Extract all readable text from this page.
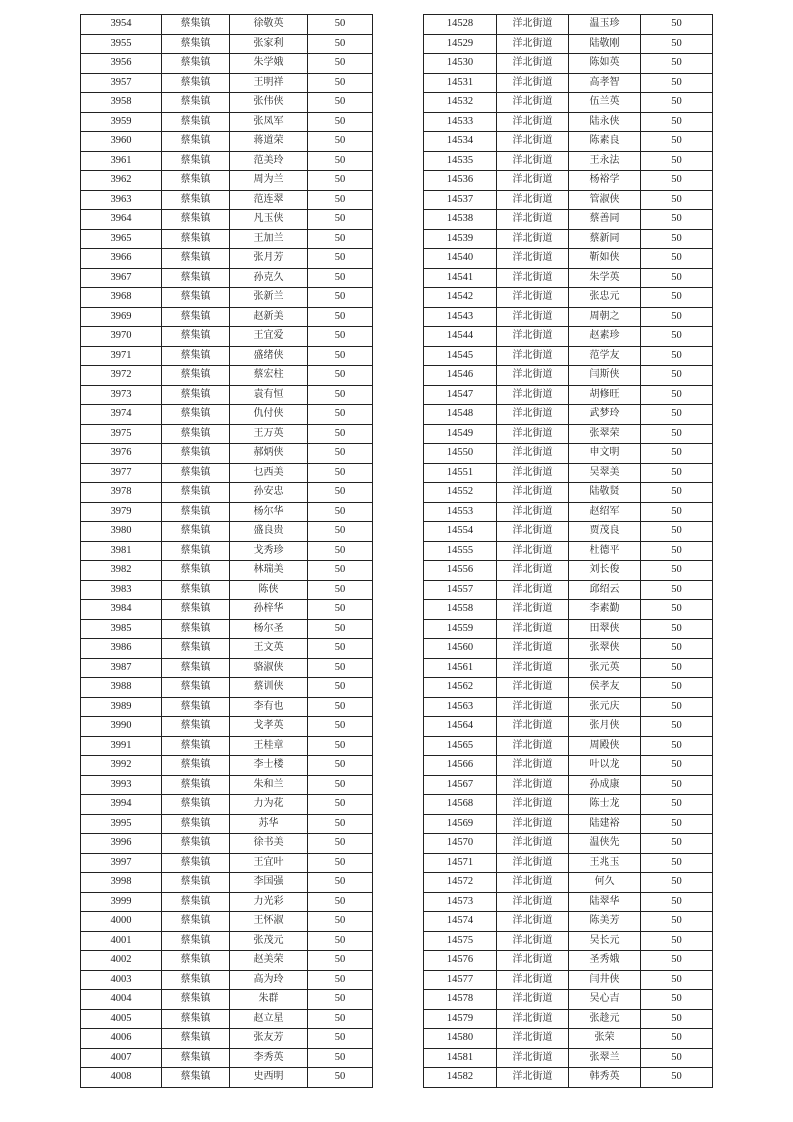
3954	蔡集镇	徐敬英	50
3955	蔡集镇	张家利	50
3956	蔡集镇	朱学娥	50
3957	蔡集镇	王明祥	50
3958	蔡集镇	张伟侠	50
3959	蔡集镇	张凤军	50
3960	蔡集镇	蒋道荣	50
3961	蔡集镇	范美玲	50
3962	蔡集镇	周为兰	50
3963	蔡集镇	范连翠	50
3964	蔡集镇	凡玉侠	50
3965	蔡集镇	王加兰	50
3966	蔡集镇	张月芳	50
3967	蔡集镇	孙克久	50
3968	蔡集镇	张新兰	50
3969	蔡集镇	赵新美	50
3970	蔡集镇	王宜爱	50
3971	蔡集镇	盛绪侠	50
3972	蔡集镇	蔡宏柱	50
3973	蔡集镇	袁有恒	50
3974	蔡集镇	仇付侠	50
3975	蔡集镇	王万英	50
3976	蔡集镇	郝炳侠	50
3977	蔡集镇	乜西美	50
3978	蔡集镇	孙安忠	50
3979	蔡集镇	杨尔华	50
3980	蔡集镇	盛良贵	50
3981	蔡集镇	戈秀珍	50
3982	蔡集镇	林瑞美	50
3983	蔡集镇	陈侠	50
3984	蔡集镇	孙梓华	50
3985	蔡集镇	杨尔圣	50
3986	蔡集镇	王文英	50
3987	蔡集镇	骆淑侠	50
3988	蔡集镇	蔡训侠	50
3989	蔡集镇	李有也	50
3990	蔡集镇	戈孝英	50
3991	蔡集镇	王桂章	50
3992	蔡集镇	李士楼	50
3993	蔡集镇	朱和兰	50
3994	蔡集镇	力为花	50
3995	蔡集镇	苏华	50
3996	蔡集镇	徐书美	50
3997	蔡集镇	王宜叶	50
3998	蔡集镇	李国强	50
3999	蔡集镇	力光彩	50
4000	蔡集镇	王怀淑	50
4001	蔡集镇	张茂元	50
4002	蔡集镇	赵美荣	50
4003	蔡集镇	高为玲	50
4004	蔡集镇	朱群	50
4005	蔡集镇	赵立星	50
4006	蔡集镇	张友芳	50
4007	蔡集镇	李秀英	50
4008	蔡集镇	史西明	50
14528	洋北街道	温玉珍	50
14529	洋北街道	陆敬刚	50
14530	洋北街道	陈如英	50
14531	洋北街道	高孝智	50
14532	洋北街道	伍兰英	50
14533	洋北街道	陆永侠	50
14534	洋北街道	陈素良	50
14535	洋北街道	王永法	50
14536	洋北街道	杨裕学	50
14537	洋北街道	管淑侠	50
14538	洋北街道	蔡善同	50
14539	洋北街道	蔡新同	50
14540	洋北街道	靳如侠	50
14541	洋北街道	朱学英	50
14542	洋北街道	张忠元	50
14543	洋北街道	周朝之	50
14544	洋北街道	赵素珍	50
14545	洋北街道	范学友	50
14546	洋北街道	闫斯侠	50
14547	洋北街道	胡修旺	50
14548	洋北街道	武梦玲	50
14549	洋北街道	张翠荣	50
14550	洋北街道	申文明	50
14551	洋北街道	吴翠美	50
14552	洋北街道	陆敬贤	50
14553	洋北街道	赵绍军	50
14554	洋北街道	贾茂良	50
14555	洋北街道	杜德平	50
14556	洋北街道	刘长俊	50
14557	洋北街道	邱绍云	50
14558	洋北街道	李素勤	50
14559	洋北街道	田翠侠	50
14560	洋北街道	张翠侠	50
14561	洋北街道	张元英	50
14562	洋北街道	侯孝友	50
14563	洋北街道	张元庆	50
14564	洋北街道	张月侠	50
14565	洋北街道	周殿侠	50
14566	洋北街道	叶以龙	50
14567	洋北街道	孙成康	50
14568	洋北街道	陈士龙	50
14569	洋北街道	陆建裕	50
14570	洋北街道	温侠先	50
14571	洋北街道	王兆玉	50
14572	洋北街道	何久	50
14573	洋北街道	陆翠华	50
14574	洋北街道	陈美芳	50
14575	洋北街道	吴长元	50
14576	洋北街道	圣秀娥	50
14577	洋北街道	闫井侠	50
14578	洋北街道	吴心吉	50
14579	洋北街道	张趁元	50
14580	洋北街道	张荣	50
14581	洋北街道	张翠兰	50
14582	洋北街道	韩秀英	50
